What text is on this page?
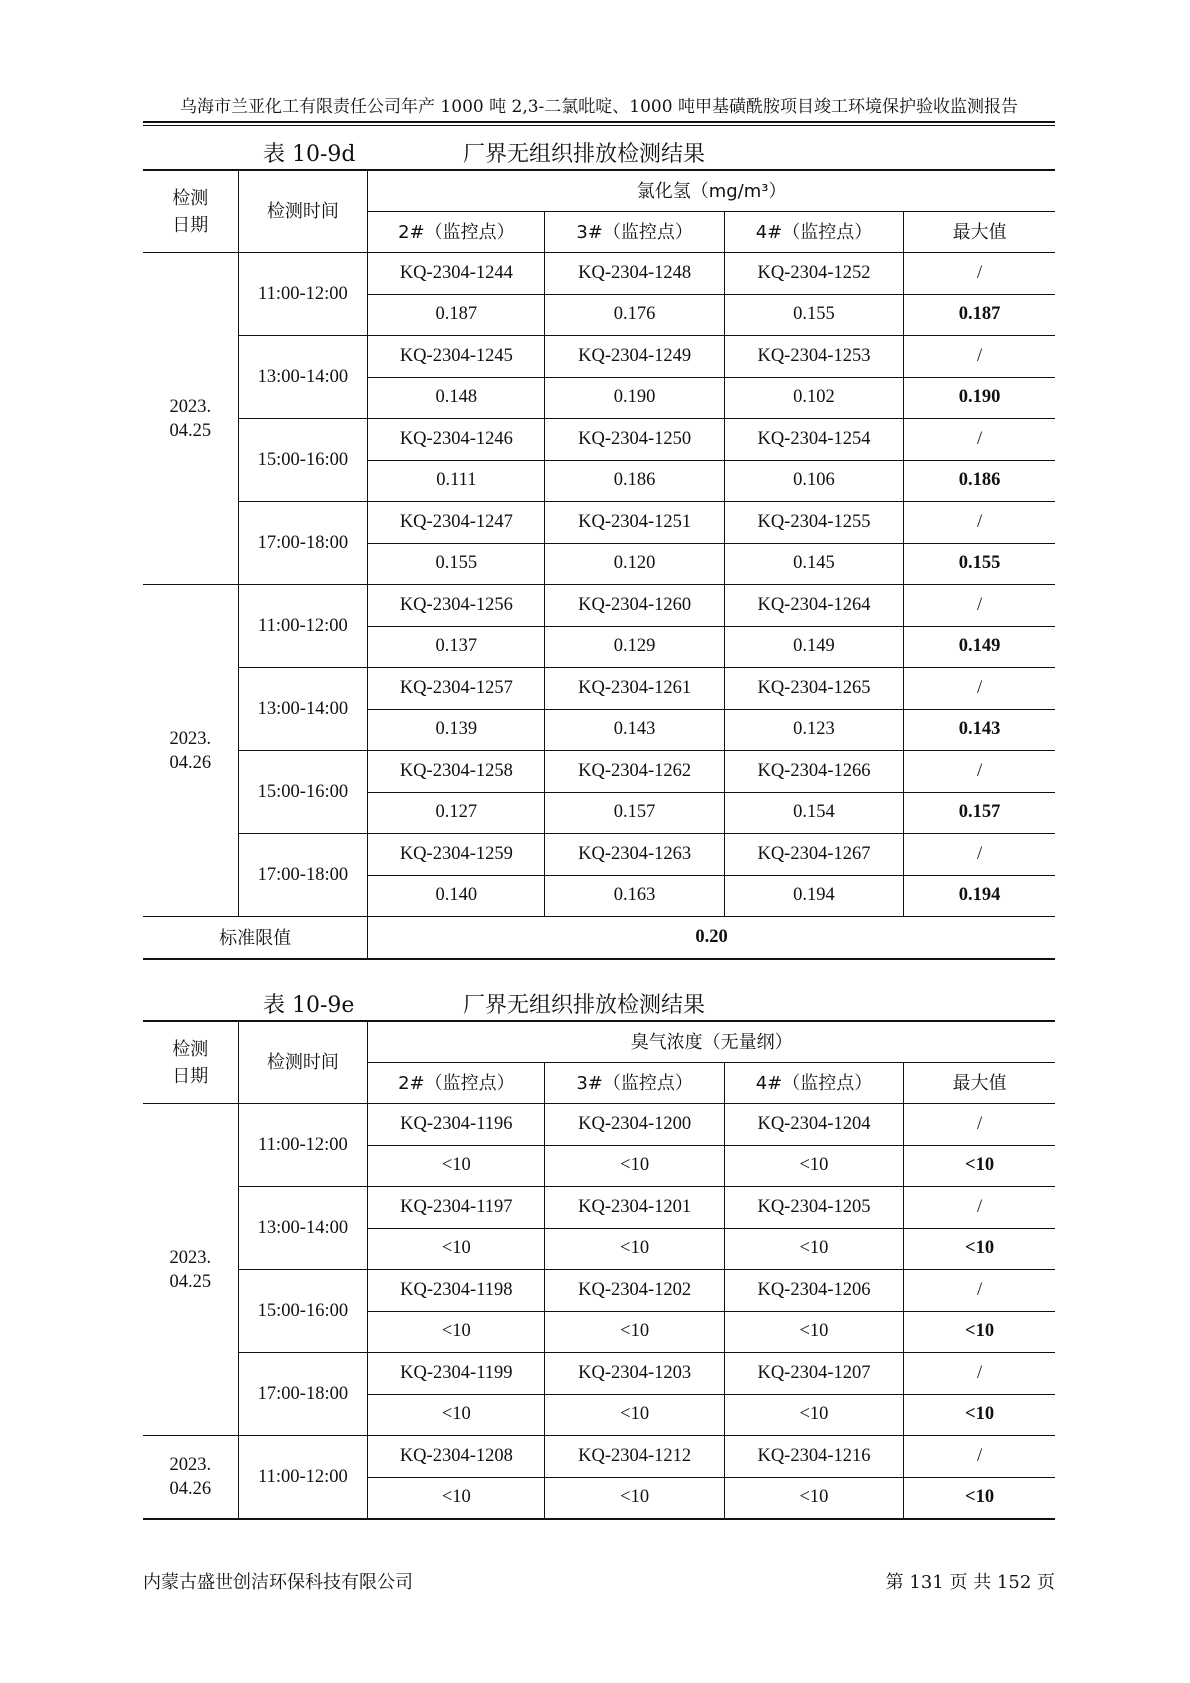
乌海市兰亚化工有限责任公司年产 1000 吨 2,3-二氯吡啶、1000 吨甲基磺酰胺项目竣工环境保护验收监测报告
表 10-9d	厂界无组织排放检测结果
检测
日期	检测时间	氯化氢（mg/m³）			
		2#（监控点）	3#（监控点）	4#（监控点）	最大值
2023.
04.25	11:00-12:00	KQ-2304-1244	KQ-2304-1248	KQ-2304-1252	/
		0.187	0.176	0.155	0.187
	13:00-14:00	KQ-2304-1245	KQ-2304-1249	KQ-2304-1253	/
		0.148	0.190	0.102	0.190
	15:00-16:00	KQ-2304-1246	KQ-2304-1250	KQ-2304-1254	/
		0.111	0.186	0.106	0.186
	17:00-18:00	KQ-2304-1247	KQ-2304-1251	KQ-2304-1255	/
		0.155	0.120	0.145	0.155
2023.
04.26	11:00-12:00	KQ-2304-1256	KQ-2304-1260	KQ-2304-1264	/
		0.137	0.129	0.149	0.149
	13:00-14:00	KQ-2304-1257	KQ-2304-1261	KQ-2304-1265	/
		0.139	0.143	0.123	0.143
	15:00-16:00	KQ-2304-1258	KQ-2304-1262	KQ-2304-1266	/
		0.127	0.157	0.154	0.157
	17:00-18:00	KQ-2304-1259	KQ-2304-1263	KQ-2304-1267	/
		0.140	0.163	0.194	0.194
标准限值		0.20			
表 10-9e	厂界无组织排放检测结果
检测
日期	检测时间	臭气浓度（无量纲）			
		2#（监控点）	3#（监控点）	4#（监控点）	最大值
2023.
04.25	11:00-12:00	KQ-2304-1196	KQ-2304-1200	KQ-2304-1204	/
		<10	<10	<10	<10
	13:00-14:00	KQ-2304-1197	KQ-2304-1201	KQ-2304-1205	/
		<10	<10	<10	<10
	15:00-16:00	KQ-2304-1198	KQ-2304-1202	KQ-2304-1206	/
		<10	<10	<10	<10
	17:00-18:00	KQ-2304-1199	KQ-2304-1203	KQ-2304-1207	/
		<10	<10	<10	<10
2023.
04.26	11:00-12:00	KQ-2304-1208	KQ-2304-1212	KQ-2304-1216	/
		<10	<10	<10	<10
内蒙古盛世创洁环保科技有限公司	第 131 页 共 152 页
